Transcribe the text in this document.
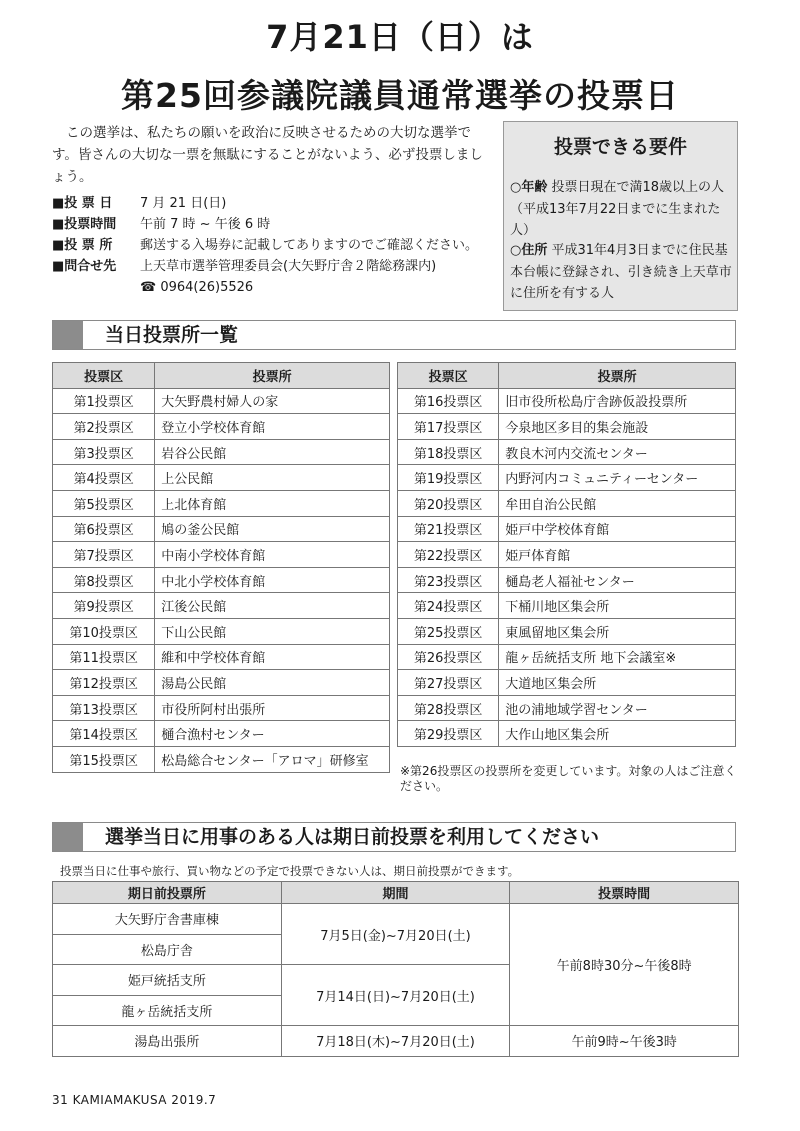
7月21日（日）は
第25回参議院議員通常選挙の投票日
この選挙は、私たちの願いを政治に反映させるための大切な選挙です。皆さんの大切な一票を無駄にすることがないよう、必ず投票しましょう。
■投 票 日 7 月 21 日(日)
■投票時間 午前 7 時 ~ 午後 6 時
■投 票 所 郵送する入場券に記載してありますのでご確認ください。
■問合せ先 上天草市選挙管理委員会(大矢野庁舎２階総務課内)
☎ 0964(26)5526
投票できる要件
○年齢 投票日現在で満18歳以上の人（平成13年7月22日までに生まれた人）
○住所 平成31年4月3日までに住民基本台帳に登録され、引き続き上天草市に住所を有する人
当日投票所一覧
投票区	投票所
第1投票区	大矢野農村婦人の家
第2投票区	登立小学校体育館
第3投票区	岩谷公民館
第4投票区	上公民館
第5投票区	上北体育館
第6投票区	鳩の釜公民館
第7投票区	中南小学校体育館
第8投票区	中北小学校体育館
第9投票区	江後公民館
第10投票区	下山公民館
第11投票区	維和中学校体育館
第12投票区	湯島公民館
第13投票区	市役所阿村出張所
第14投票区	樋合漁村センター
第15投票区	松島総合センター「アロマ」研修室
投票区	投票所
第16投票区	旧市役所松島庁舎跡仮設投票所
第17投票区	今泉地区多目的集会施設
第18投票区	教良木河内交流センター
第19投票区	内野河内コミュニティーセンター
第20投票区	牟田自治公民館
第21投票区	姫戸中学校体育館
第22投票区	姫戸体育館
第23投票区	樋島老人福祉センター
第24投票区	下桶川地区集会所
第25投票区	東風留地区集会所
第26投票区	龍ヶ岳統括支所 地下会議室※
第27投票区	大道地区集会所
第28投票区	池の浦地域学習センター
第29投票区	大作山地区集会所
※第26投票区の投票所を変更しています。対象の人はご注意ください。
選挙当日に用事のある人は期日前投票を利用してください
投票当日に仕事や旅行、買い物などの予定で投票できない人は、期日前投票ができます。
期日前投票所	期間	投票時間
大矢野庁舎書庫棟	7月5日(金)~7月20日(土)	午前8時30分~午後8時
松島庁舎		
姫戸統括支所	7月14日(日)~7月20日(土)	
龍ヶ岳統括支所		
湯島出張所	7月18日(木)~7月20日(土)	午前9時~午後3時
31 KAMIAMAKUSA 2019.7
